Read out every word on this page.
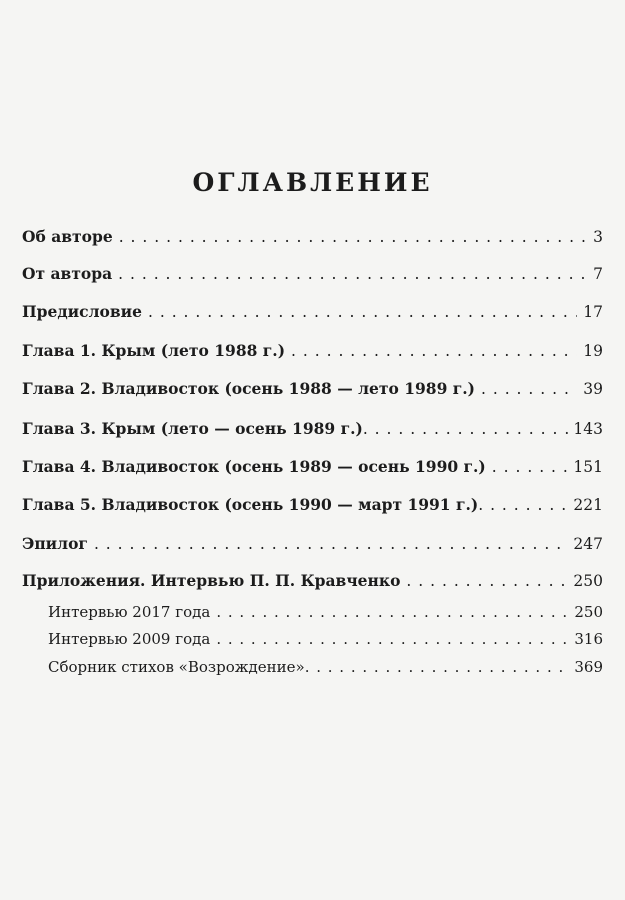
ОГЛАВЛЕНИЕ
Об авторе . . .	3
От автора . . .	7
Предисловие . . .	17
Глава 1. Крым (лето 1988 г.) . . .	19
Глава 2. Владивосток (осень 1988 — лето 1989 г.) . . .	39
Глава 3. Крым (лето — осень 1989 г.) . . .	143
Глава 4. Владивосток (осень 1989 — осень 1990 г.) . . .	151
Глава 5. Владивосток (осень 1990 — март 1991 г.) . . .	221
Эпилог . . .	247
Приложения. Интервью П. П. Кравченко . . .	250
Интервью 2017 года . . .	250
Интервью 2009 года . . .	316
Сборник стихов «Возрождение» . . .	369
